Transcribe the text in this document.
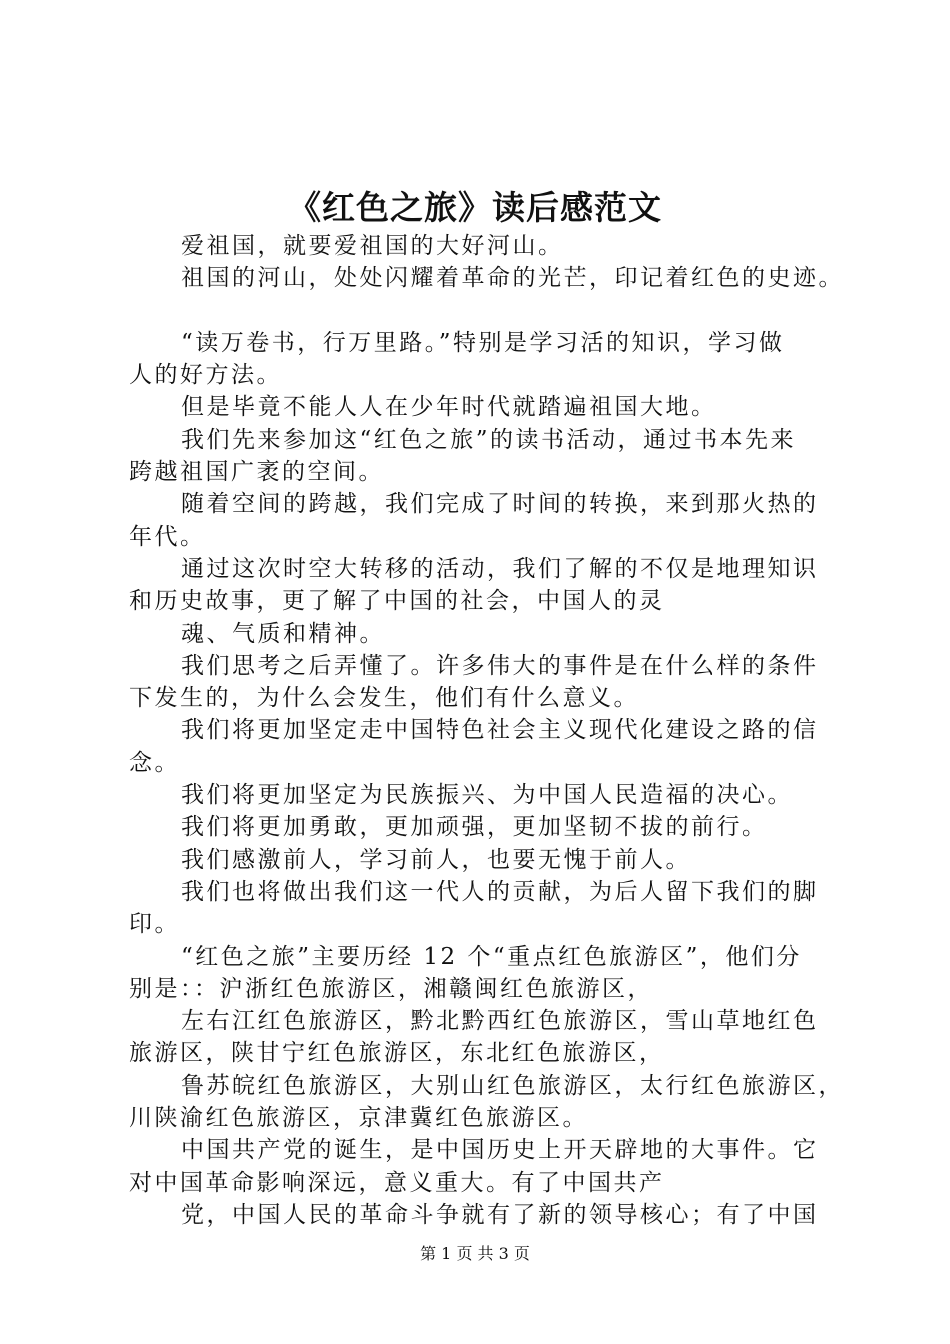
《红色之旅》读后感范文
爱祖国，就要爱祖国的大好河山。
祖国的河山，处处闪耀着革命的光芒，印记着红色的史迹。
“读万卷书，行万里路。”特别是学习活的知识，学习做
人的好方法。
但是毕竟不能人人在少年时代就踏遍祖国大地。
我们先来参加这“红色之旅”的读书活动，通过书本先来
跨越祖国广袤的空间。
随着空间的跨越，我们完成了时间的转换，来到那火热的
年代。
通过这次时空大转移的活动，我们了解的不仅是地理知识
和历史故事，更了解了中国的社会，中国人的灵
魂、气质和精神。
我们思考之后弄懂了。许多伟大的事件是在什么样的条件
下发生的，为什么会发生，他们有什么意义。
我们将更加坚定走中国特色社会主义现代化建设之路的信
念。
我们将更加坚定为民族振兴、为中国人民造福的决心。
我们将更加勇敢，更加顽强，更加坚韧不拔的前行。
我们感激前人，学习前人，也要无愧于前人。
我们也将做出我们这一代人的贡献，为后人留下我们的脚
印。
“红色之旅”主要历经 12 个“重点红色旅游区”，他们分
别是：：沪浙红色旅游区，湘赣闽红色旅游区，
左右江红色旅游区，黔北黔西红色旅游区，雪山草地红色
旅游区，陕甘宁红色旅游区，东北红色旅游区，
鲁苏皖红色旅游区，大别山红色旅游区，太行红色旅游区，
川陕渝红色旅游区，京津冀红色旅游区。
中国共产党的诞生，是中国历史上开天辟地的大事件。它
对中国革命影响深远，意义重大。有了中国共产
党，中国人民的革命斗争就有了新的领导核心；有了中国
第 1 页 共 3 页
